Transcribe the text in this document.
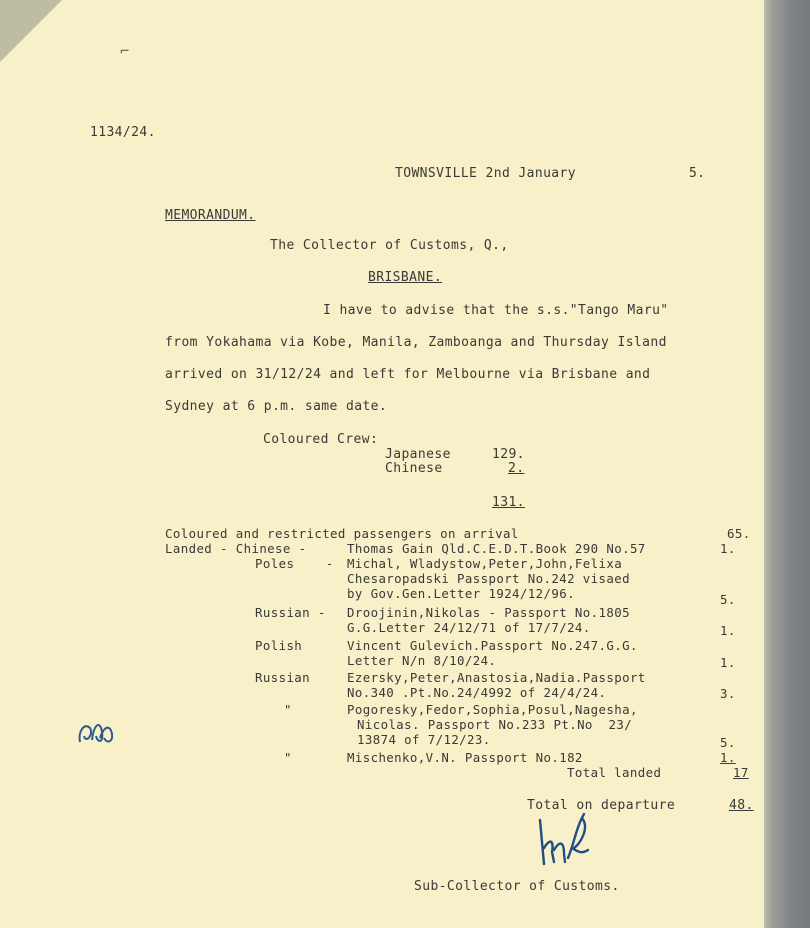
⌐
1134/24.
TOWNSVILLE 2nd January	5.
MEMORANDUM.
The Collector of Customs, Q.,
BRISBANE.
I have to advise that the s.s."Tango Maru"
from Yokahama via Kobe, Manila, Zamboanga and Thursday Island
arrived on 31/12/24 and left for Melbourne via Brisbane and
Sydney at 6 p.m. same date.
Coloured Crew:
Japanese	129.
Chinese	2.
131.
Coloured and restricted passengers on arrival	65.
Landed - Chinese -	Thomas Gain Qld.C.E.D.T.Book 290 No.57	1.
Poles    - Michal, Wladystow,Peter,John,Felixa
Chesaropadski Passport No.242 visaed
by Gov.Gen.Letter 1924/12/96.	5.
Russian - Droojinin,Nikolas - Passport No.1805
G.G.Letter 24/12/71 of 17/7/24.	1.
Polish	Vincent Gulevich.Passport No.247.G.G.
Letter N/n 8/10/24.	1.
Russian	Ezersky,Peter,Anastosia,Nadia.Passport
No.340 .Pt.No.24/4992 of 24/4/24.	3.
"	Pogoresky,Fedor,Sophia,Posul,Nagesha,
Nicolas. Passport No.233 Pt.No  23/
13874 of 7/12/23.	5.
"	Mischenko,V.N. Passport No.182	1.
Total landed	17
Total on departure	48.
Sub-Collector of Customs.
